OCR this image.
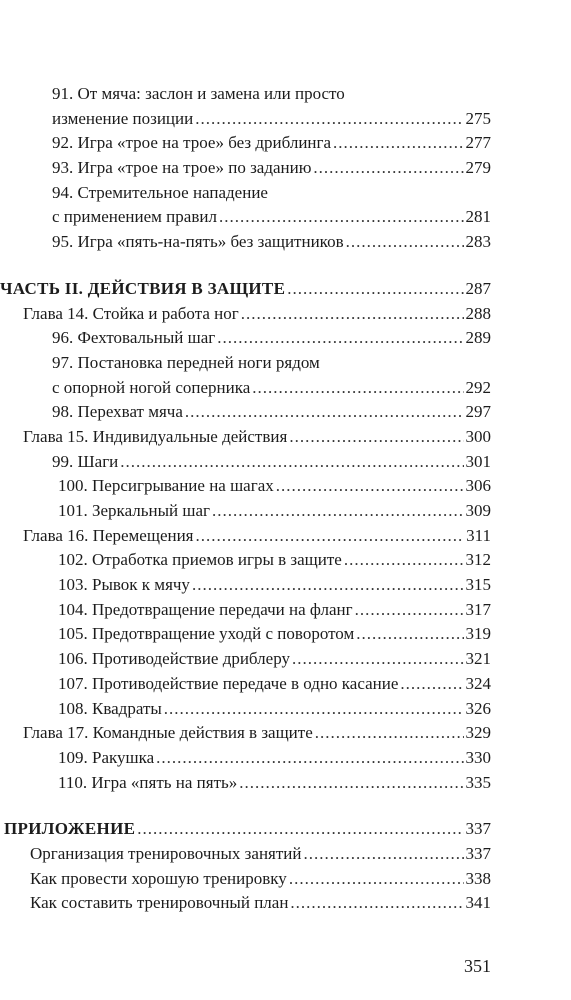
91. От мяча: заслон и замена или просто
изменение позиции .....	275
92. Игра «трое на трое» без дриблинга .....	277
93. Игра «трое на трое» по заданию .....	279
94. Стремительное нападение
с применением правил .....	281
95. Игра «пять-на-пять» без защитников .....	283
ЧАСТЬ II. ДЕЙСТВИЯ В ЗАЩИТЕ .....	287
Глава 14. Стойка и работа ног .....	288
96. Фехтовальный шаг .....	289
97. Постановка передней ноги рядом
с опорной ногой соперника .....	292
98. Перехват мяча .....	297
Глава 15. Индивидуальные действия .....	300
99. Шаги .....	301
100. Персигрывание на шагах .....	306
101. Зеркальный шаг .....	309
Глава 16. Перемещения .....	311
102. Отработка приемов игры в защите .....	312
103. Рывок к мячу .....	315
104. Предотвращение передачи на фланг .....	317
105. Предотвращение уходй с поворотом .....	319
106. Противодействие дриблеру .....	321
107. Противодействие передаче в одно касание .....	324
108. Квадраты .....	326
Глава 17. Командные действия в защите .....	329
109. Ракушка .....	330
110. Игра «пять на пять» .....	335
ПРИЛОЖЕНИЕ .....	337
Организация тренировочных занятий .....	337
Как провести хорошую тренировку .....	338
Как составить тренировочный план .....	341
351
